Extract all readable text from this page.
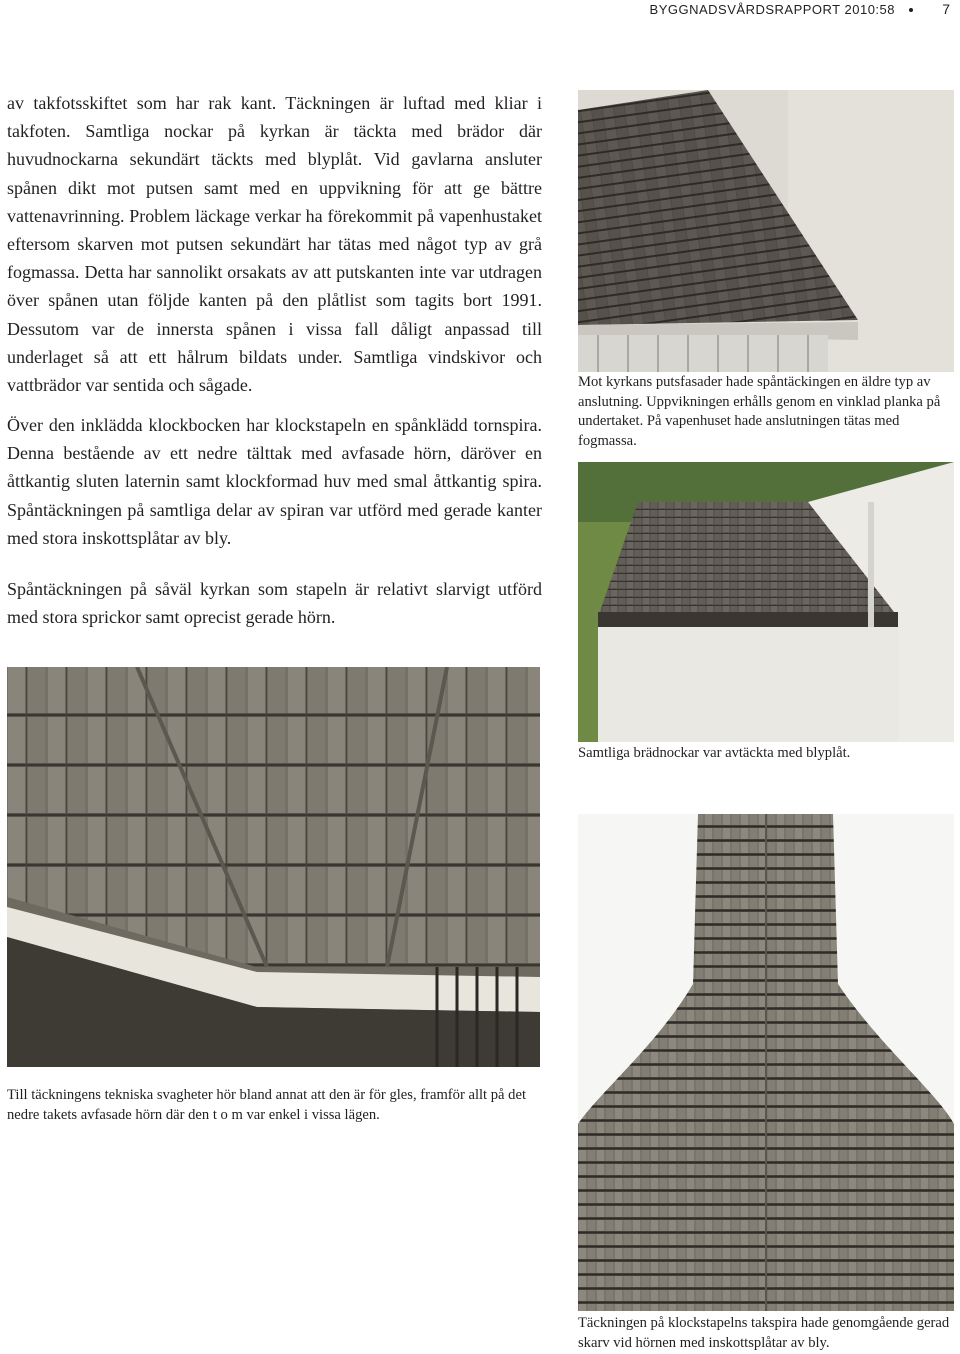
BYGGNADSVÅRDSRAPPORT 2010:58	7

av takfotsskiftet som har rak kant. Täckningen är luftad med kliar i takfoten. Samtliga nockar på kyrkan är täckta med brädor där huvudnockarna sekundärt täckts med blyplåt. Vid gavlarna ansluter spånen dikt mot putsen samt med en uppvikning för att ge bättre vattenavrinning. Problem läckage verkar ha förekommit på vapenhustaket eftersom skarven mot putsen sekundärt har tätas med något typ av grå fogmassa. Detta har sannolikt orsakats av att putskanten inte var utdragen över spånen utan följde kanten på den plåtlist som tagits bort 1991. Dessutom var de innersta spånen i vissa fall dåligt anpassad till underlaget så att ett hålrum bildats under. Samtliga vindskivor och vattbrädor var sentida och sågade.

Över den inklädda klockbocken har klockstapeln en spånklädd tornspira. Denna bestående av ett nedre tälttak med avfasade hörn, däröver en åttkantig sluten laternin samt klockformad huv med smal åttkantig spira. Spåntäckningen på samtliga delar av spiran var utförd med gerade kanter med stora inskottsplåtar av bly.

Spåntäckningen på såväl kyrkan som stapeln är relativt slarvigt utförd med stora sprickor samt oprecist gerade hörn.

Mot kyrkans putsfasader hade spåntäckingen en äldre typ av anslutning. Uppvikningen erhålls genom en vinklad planka på undertaket. På vapenhuset hade anslutningen tätas med fogmassa.

Samtliga brädnockar var avtäckta med blyplåt.

Till täckningens tekniska svagheter hör bland annat att den är för gles, framför allt på det nedre takets avfasade hörn där den t o m var enkel i vissa lägen.

Täckningen på klockstapelns takspira hade genomgående gerad skarv vid hörnen med inskottsplåtar av bly.
